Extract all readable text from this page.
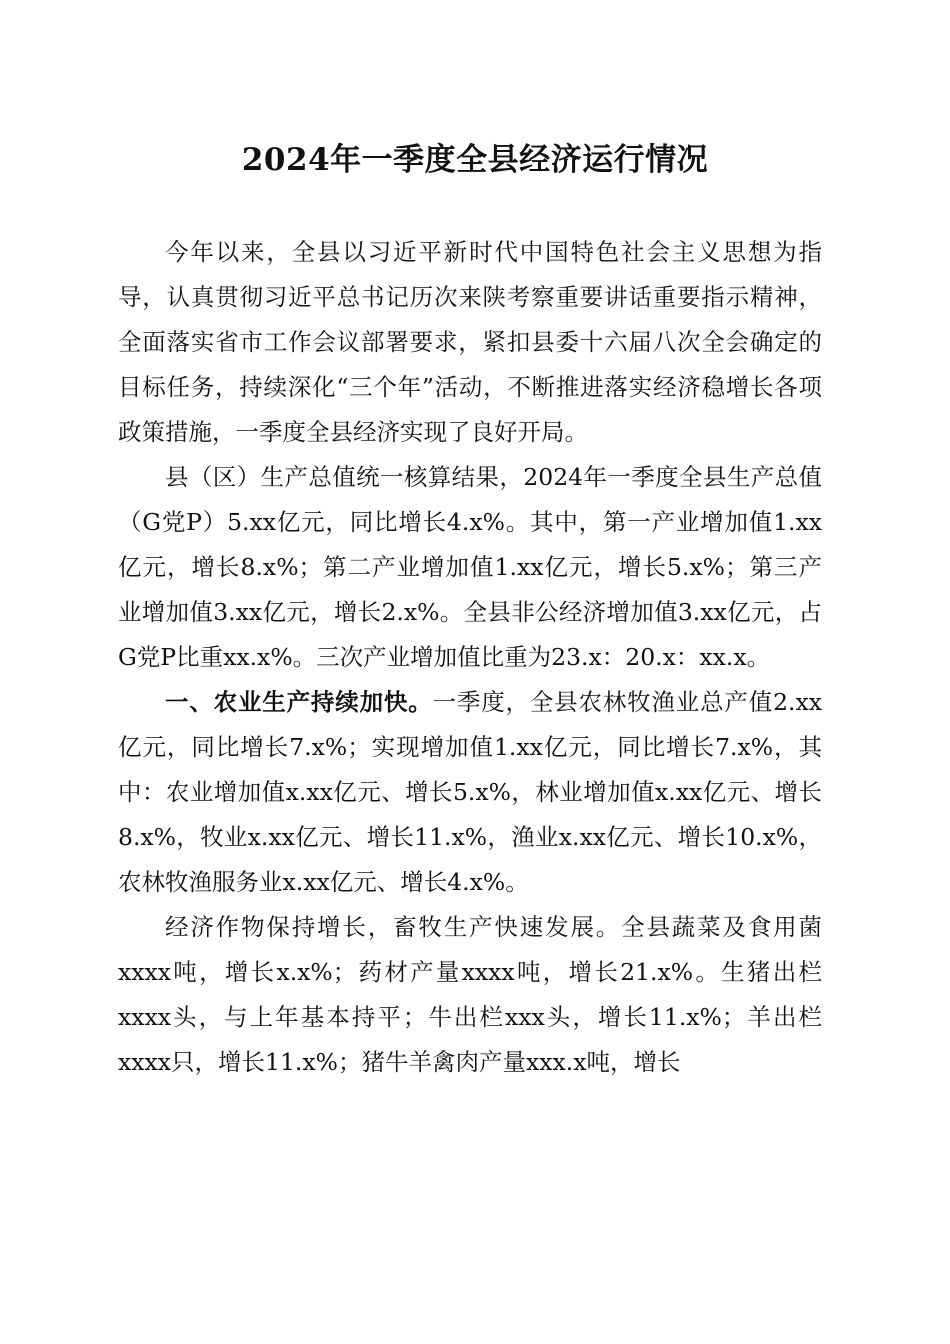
2024年一季度全县经济运行情况

今年以来，全县以习近平新时代中国特色社会主义思想为指导，认真贯彻习近平总书记历次来陕考察重要讲话重要指示精神，全面落实省市工作会议部署要求，紧扣县委十六届八次全会确定的目标任务，持续深化“三个年”活动，不断推进落实经济稳增长各项政策措施，一季度全县经济实现了良好开局。

县（区）生产总值统一核算结果，2024年一季度全县生产总值（G党P）5.xx亿元，同比增长4.x%。其中，第一产业增加值1.xx亿元，增长8.x%；第二产业增加值1.xx亿元，增长5.x%；第三产业增加值3.xx亿元，增长2.x%。全县非公经济增加值3.xx亿元，占G党P比重xx.x%。三次产业增加值比重为23.x：20.x：xx.x。

一、农业生产持续加快。一季度，全县农林牧渔业总产值2.xx亿元，同比增长7.x%；实现增加值1.xx亿元，同比增长7.x%，其中：农业增加值x.xx亿元、增长5.x%，林业增加值x.xx亿元、增长8.x%，牧业x.xx亿元、增长11.x%，渔业x.xx亿元、增长10.x%，农林牧渔服务业x.xx亿元、增长4.x%。

经济作物保持增长，畜牧生产快速发展。全县蔬菜及食用菌xxxx吨，增长x.x%；药材产量xxxx吨，增长21.x%。生猪出栏xxxx头，与上年基本持平；牛出栏xxx头，增长11.x%；羊出栏xxxx只，增长11.x%；猪牛羊禽肉产量xxx.x吨，增长
